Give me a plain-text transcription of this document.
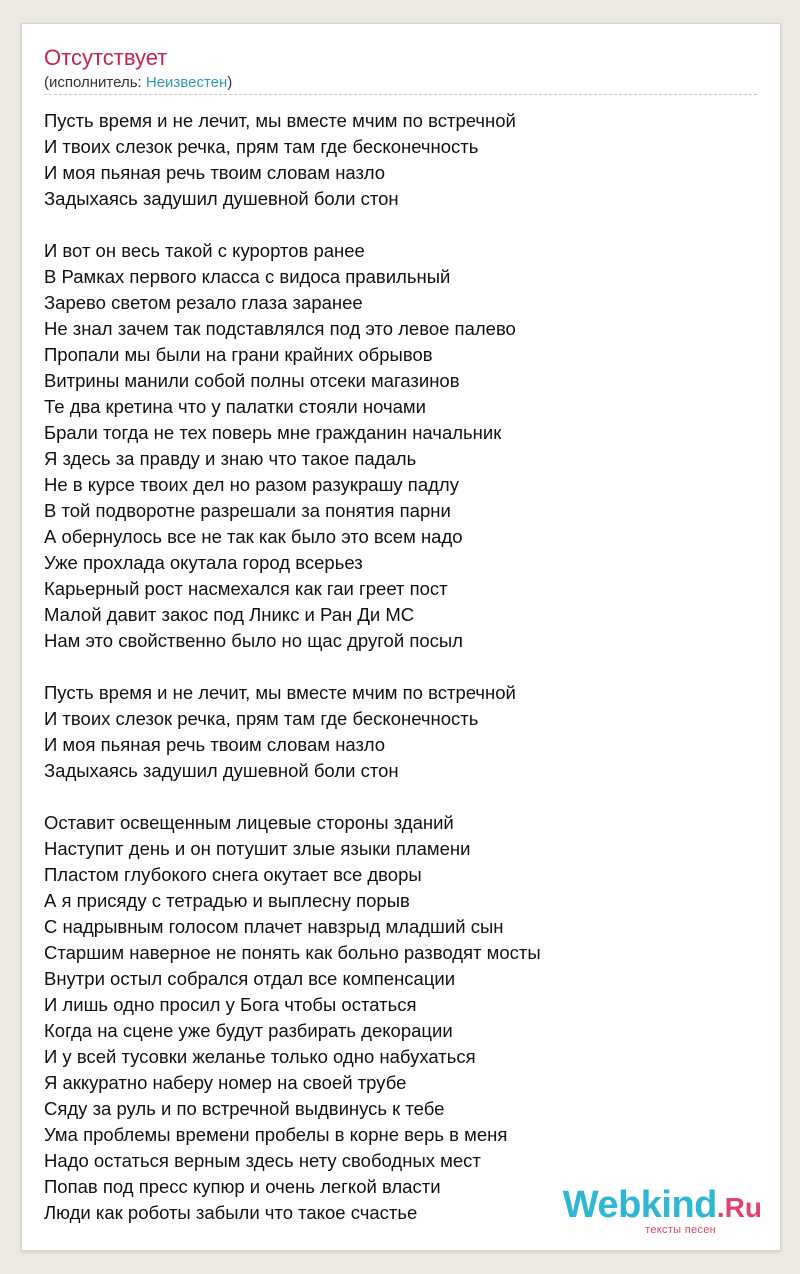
Отсутствует
(исполнитель: Неизвестен)
Пусть время и не лечит, мы вместе мчим по встречной
И твоих слезок речка, прям там где бесконечность
И моя пьяная речь твоим словам назло
Задыхаясь задушил душевной боли стон
И вот он весь такой с курортов ранее
В Рамках первого класса с видоса правильный
Зарево светом резало глаза заранее
Не знал зачем так подставлялся под это левое палево
Пропали мы были на грани крайних обрывов
Витрины манили собой полны отсеки магазинов
Те два кретина что у палатки стояли ночами
Брали тогда не тех поверь мне гражданин начальник
Я здесь за правду и знаю что такое падаль
Не в курсе твоих дел но разом разукрашу падлу
В той подворотне разрешали за понятия парни
А обернулось все не так как было это всем надо
Уже прохлада окутала город всерьез
Карьерный рост насмехался как гаи греет пост
Малой давит закос под Лникс и Ран Ди МС
Нам это свойственно было но щас другой посыл
Пусть время и не лечит, мы вместе мчим по встречной
И твоих слезок речка, прям там где бесконечность
И моя пьяная речь твоим словам назло
Задыхаясь задушил душевной боли стон
Оставит освещенным лицевые стороны зданий
Наступит день и он потушит злые языки пламени
Пластом глубокого снега окутает все дворы
А я присяду с тетрадью и выплесну порыв
С надрывным голосом плачет навзрыд младший сын
Старшим наверное не понять как больно разводят мосты
Внутри остыл собрался отдал все компенсации
И лишь одно просил у Бога чтобы остаться
Когда на сцене уже будут разбирать декорации
И у всей тусовки желанье только одно набухаться
Я аккуратно наберу номер на своей трубе
Сяду за руль и по встречной выдвинусь к тебе
Ума проблемы времени пробелы в корне верь в меня
Надо остаться верным здесь нету свободных мест
Попав под пресс купюр и очень легкой власти
Люди как роботы забыли что такое счастье	Webkind.Ru
тексты песен
